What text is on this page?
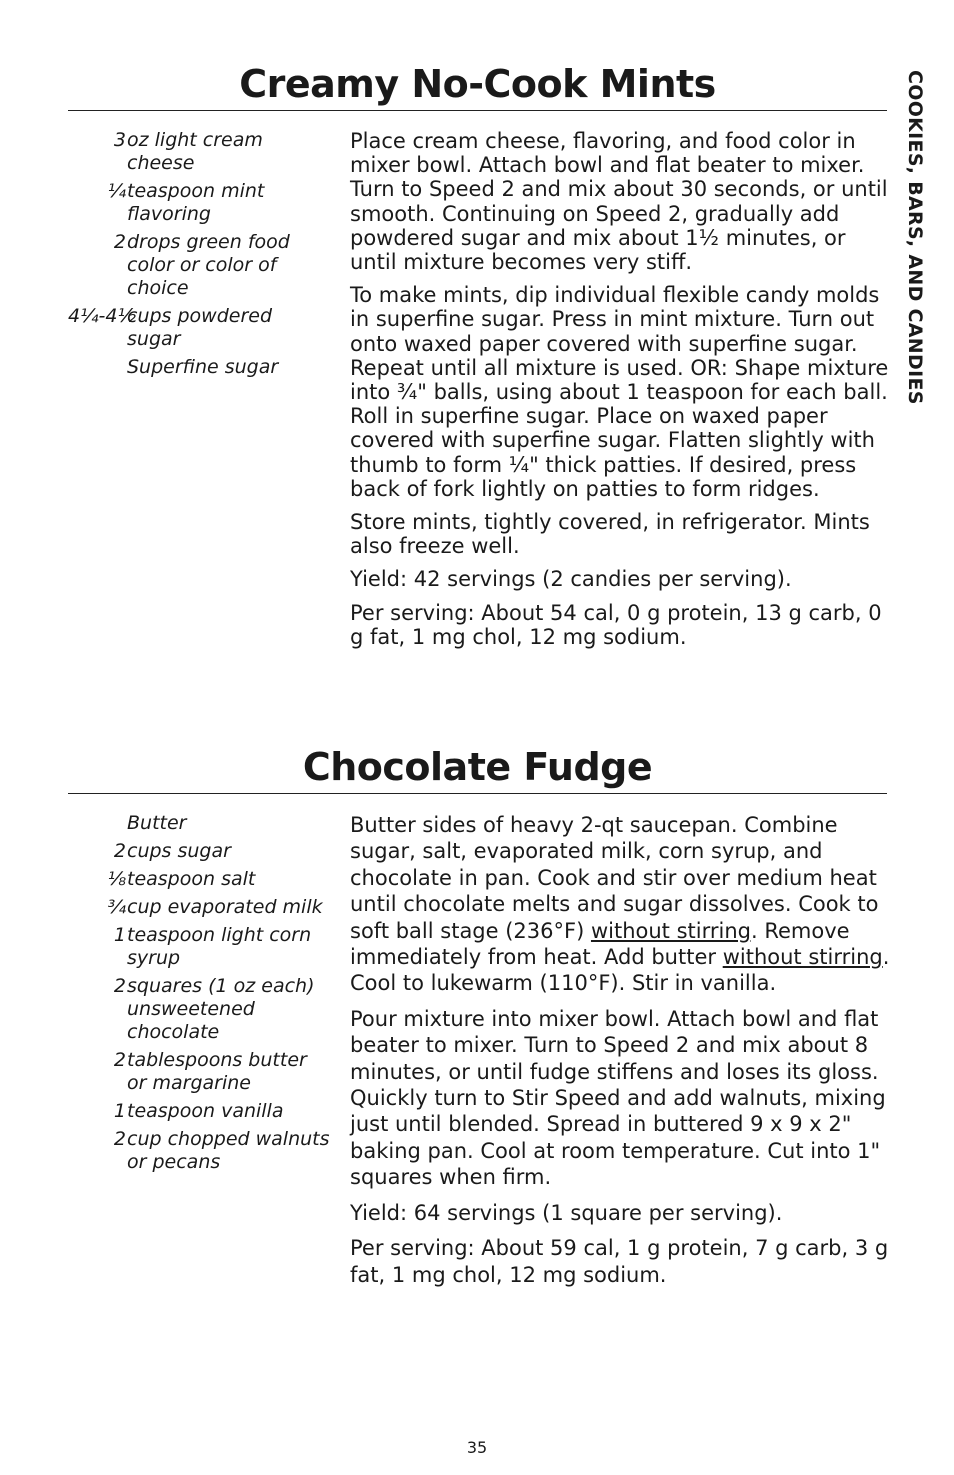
COOKIES, BARS, AND CANDIES
Creamy No-Cook Mints
3 oz light cream cheese
¼ teaspoon mint flavoring
2 drops green food color or color of choice
4¼-4½
cups powdered sugar
Superfine sugar

Place cream cheese, flavoring, and food color in mixer bowl. Attach bowl and flat beater to mixer. Turn to Speed 2 and mix about 30 seconds, or until smooth. Continuing on Speed 2, gradually add powdered sugar and mix about 1½ minutes, or until mixture becomes very stiff.

To make mints, dip individual flexible candy molds in superfine sugar. Press in mint mixture. Turn out onto waxed paper covered with superfine sugar. Repeat until all mixture is used. OR: Shape mixture into ¾" balls, using about 1 teaspoon for each ball. Roll in superfine sugar. Place on waxed paper covered with superfine sugar. Flatten slightly with thumb to form ¼" thick patties. If desired, press back of fork lightly on patties to form ridges.

Store mints, tightly covered, in refrigerator. Mints also freeze well.

Yield: 42 servings (2 candies per serving).

Per serving: About 54 cal, 0 g protein, 13 g carb, 0 g fat, 1 mg chol, 12 mg sodium.

Chocolate Fudge
Butter
2 cups sugar
⅛ teaspoon salt
¾ cup evaporated milk
1 teaspoon light corn syrup
2 squares (1 oz each) unsweetened chocolate
2 tablespoons butter or margarine
1 teaspoon vanilla
2 cup chopped walnuts or pecans

Butter sides of heavy 2-qt saucepan. Combine sugar, salt, evaporated milk, corn syrup, and chocolate in pan. Cook and stir over medium heat until chocolate melts and sugar dissolves. Cook to soft ball stage (236°F) without stirring. Remove immediately from heat. Add butter without stirring. Cool to lukewarm (110°F). Stir in vanilla.

Pour mixture into mixer bowl. Attach bowl and flat beater to mixer. Turn to Speed 2 and mix about 8 minutes, or until fudge stiffens and loses its gloss. Quickly turn to Stir Speed and add walnuts, mixing just until blended. Spread in buttered 9 x 9 x 2" baking pan. Cool at room temperature. Cut into 1" squares when firm.

Yield: 64 servings (1 square per serving).

Per serving: About 59 cal, 1 g protein, 7 g carb, 3 g fat, 1 mg chol, 12 mg sodium.

35
